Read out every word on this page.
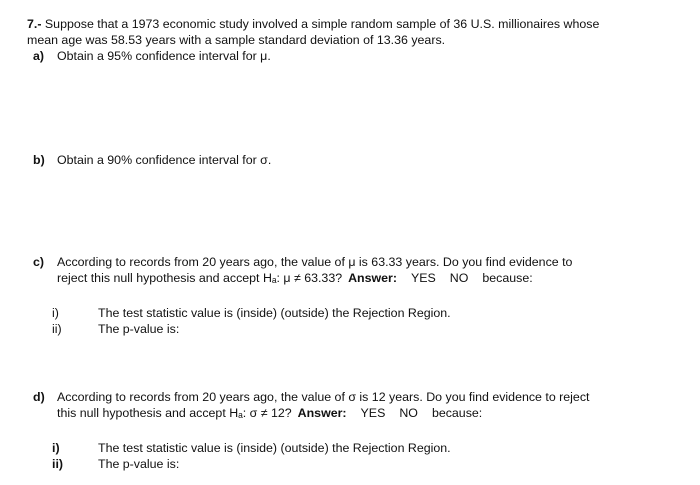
7.- Suppose that a 1973 economic study involved a simple random sample of 36 U.S. millionaires whose
mean age was 58.53 years with a sample standard deviation of 13.36 years.
a) Obtain a 95% confidence interval for μ.
b) Obtain a 90% confidence interval for σ.
c) According to records from 20 years ago, the value of μ is 63.33 years. Do you find evidence to
reject this null hypothesis and accept Hₐ: μ ≠ 63.33? Answer: YES NO because:
i)	The test statistic value is (inside) (outside) the Rejection Region.
ii)	The p-value is:
d) According to records from 20 years ago, the value of σ is 12 years. Do you find evidence to reject
this null hypothesis and accept Hₐ: σ ≠ 12? Answer: YES NO because:
i)	The test statistic value is (inside) (outside) the Rejection Region.
ii)	The p-value is:
